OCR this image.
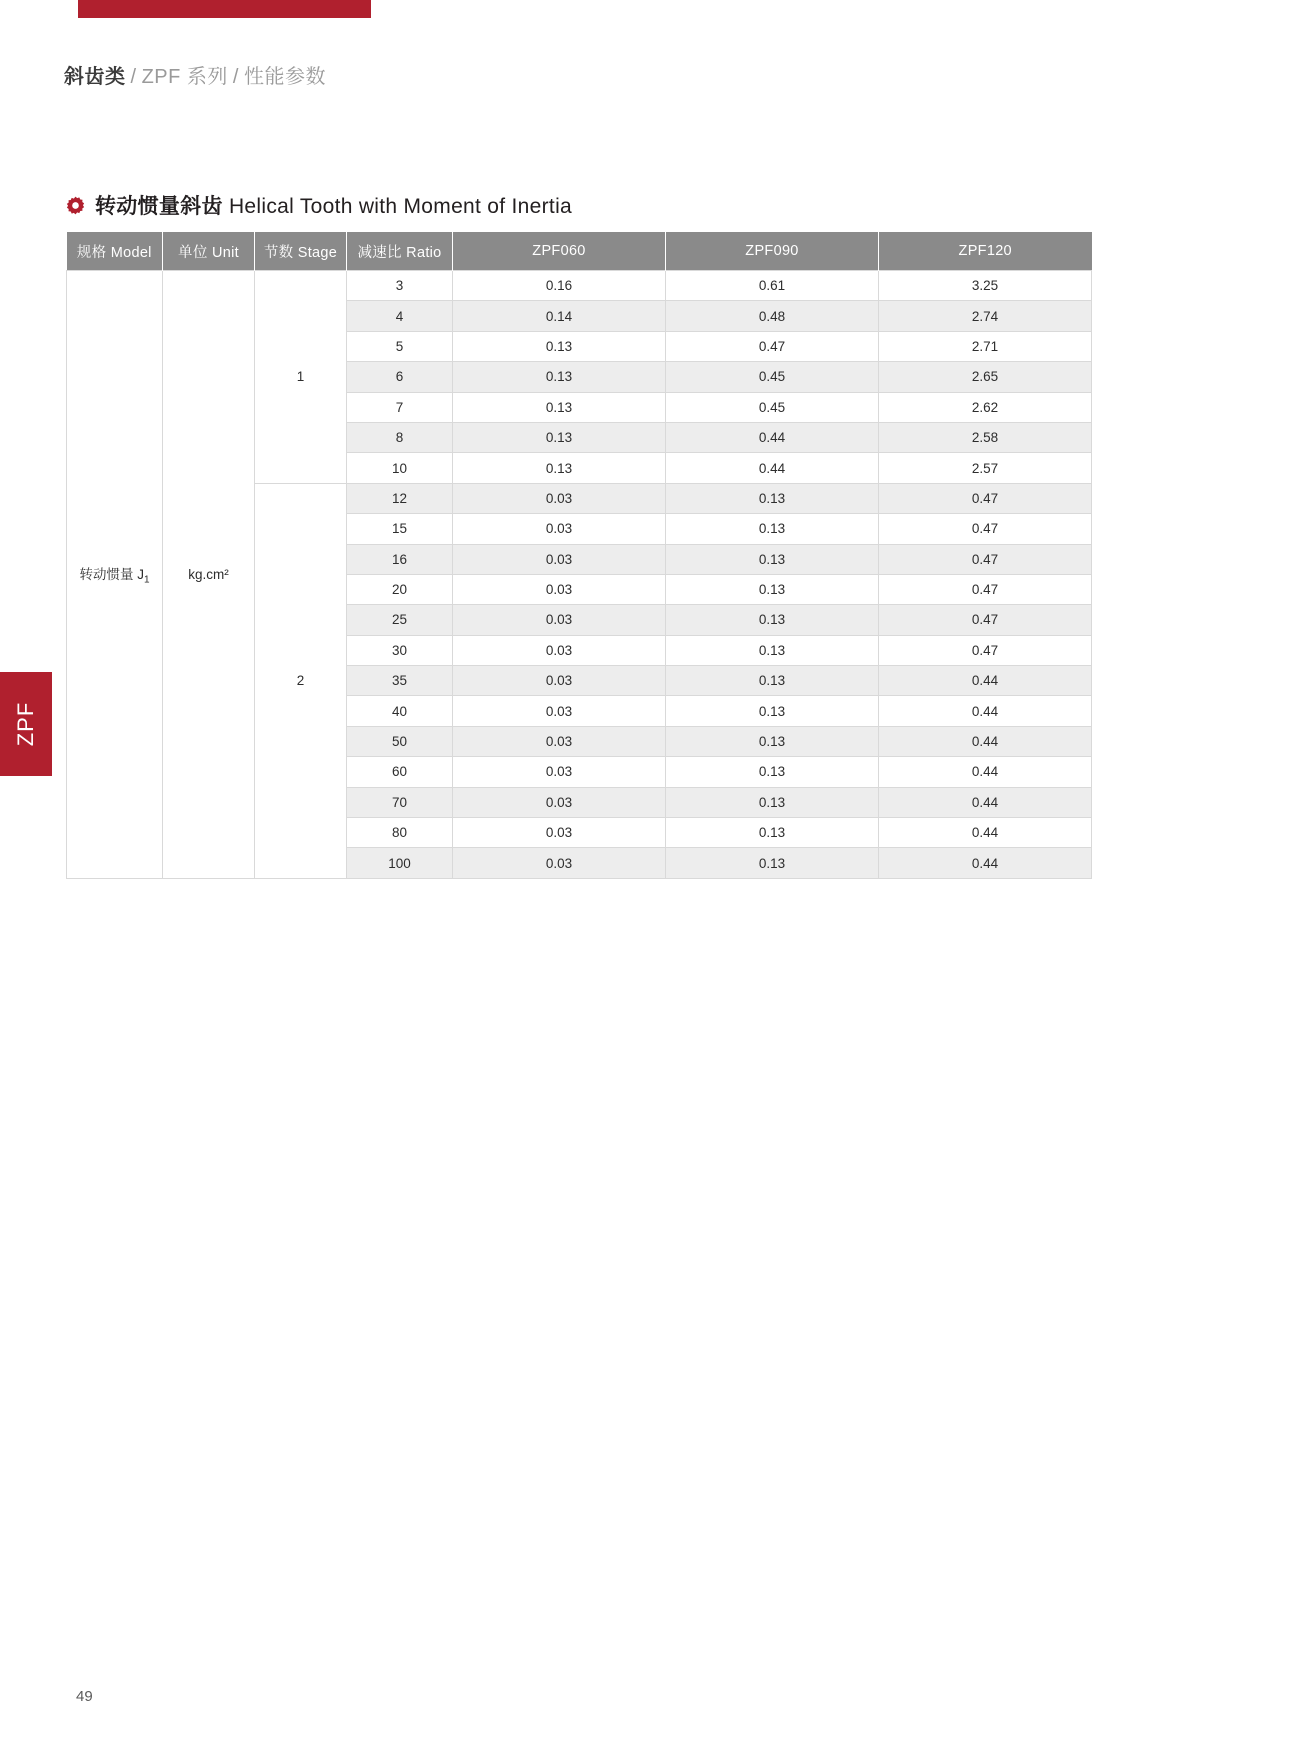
斜齿类 / ZPF 系列 / 性能参数
ZPF
转动惯量斜齿 Helical Tooth with Moment of Inertia
规格 Model	单位 Unit	节数 Stage	减速比 Ratio	ZPF060	ZPF090	ZPF120
转动惯量 $J_1$	kg.cm²	1	3	0.16	0.61	3.25
			4	0.14	0.48	2.74
			5	0.13	0.47	2.71
			6	0.13	0.45	2.65
			7	0.13	0.45	2.62
			8	0.13	0.44	2.58
			10	0.13	0.44	2.57
		2	12	0.03	0.13	0.47
			15	0.03	0.13	0.47
			16	0.03	0.13	0.47
			20	0.03	0.13	0.47
			25	0.03	0.13	0.47
			30	0.03	0.13	0.47
			35	0.03	0.13	0.44
			40	0.03	0.13	0.44
			50	0.03	0.13	0.44
			60	0.03	0.13	0.44
			70	0.03	0.13	0.44
			80	0.03	0.13	0.44
			100	0.03	0.13	0.44
49
